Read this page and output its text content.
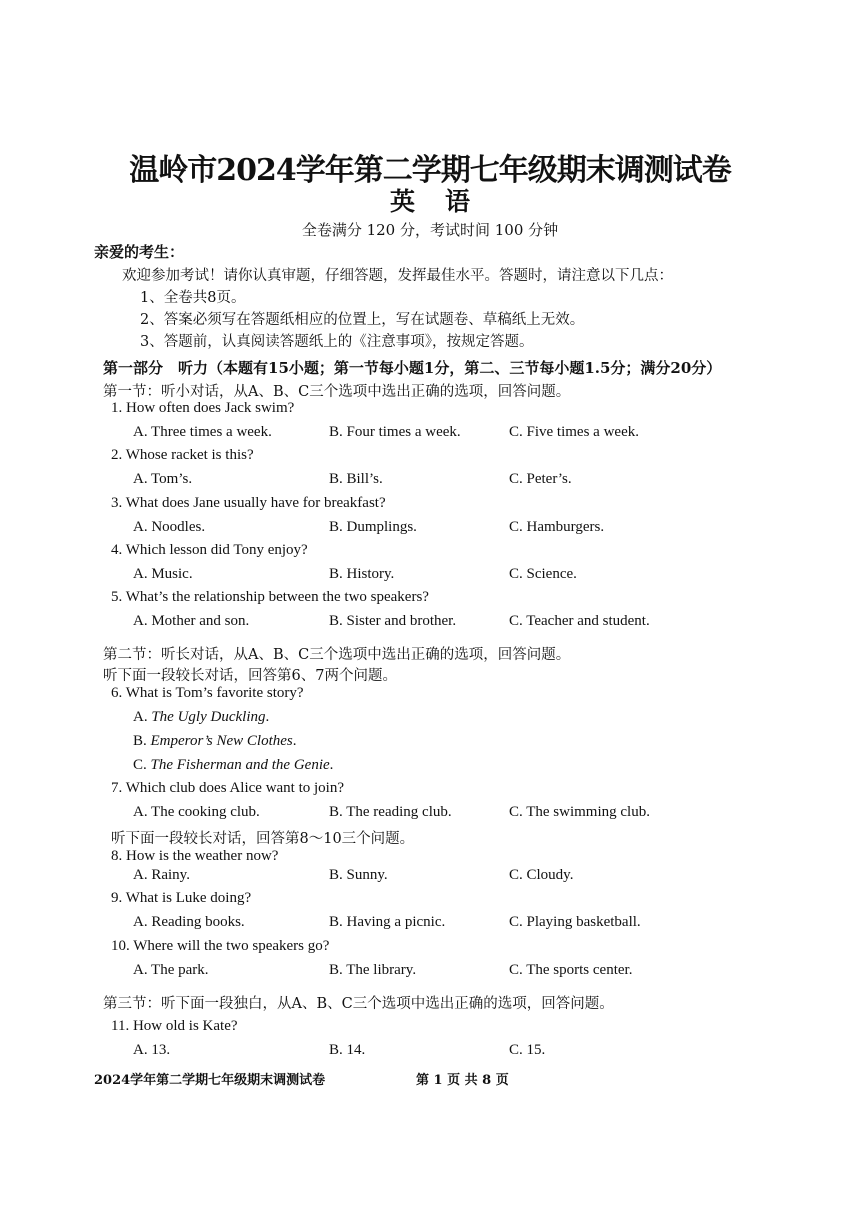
温岭市2024学年第二学期七年级期末调测试卷
英语
全卷满分 120 分，考试时间 100 分钟
亲爱的考生：
欢迎参加考试！请你认真审题，仔细答题，发挥最佳水平。答题时，请注意以下几点：
1、全卷共8页。
2、答案必须写在答题纸相应的位置上，写在试题卷、草稿纸上无效。
3、答题前，认真阅读答题纸上的《注意事项》，按规定答题。
第一部分　听力（本题有15小题；第一节每小题1分，第二、三节每小题1.5分；满分20分）
第一节：听小对话，从A、B、C三个选项中选出正确的选项，回答问题。
1. How often does Jack swim?
A. Three times a week.	B. Four times a week.	C. Five times a week.
2. Whose racket is this?
A. Tom’s.	B. Bill’s.	C. Peter’s.
3. What does Jane usually have for breakfast?
A. Noodles.	B. Dumplings.	C. Hamburgers.
4. Which lesson did Tony enjoy?
A. Music.	B. History.	C. Science.
5. What’s the relationship between the two speakers?
A. Mother and son.	B. Sister and brother.	C. Teacher and student.
第二节：听长对话，从A、B、C三个选项中选出正确的选项，回答问题。
听下面一段较长对话，回答第6、7两个问题。
6. What is Tom’s favorite story?
A. The Ugly Duckling.
B. Emperor’s New Clothes.
C. The Fisherman and the Genie.
7. Which club does Alice want to join?
A. The cooking club.	B. The reading club.	C. The swimming club.
听下面一段较长对话，回答第8～10三个问题。
8. How is the weather now?
A. Rainy.	B. Sunny.	C. Cloudy.
9. What is Luke doing?
A. Reading books.	B. Having a picnic.	C. Playing basketball.
10. Where will the two speakers go?
A. The park.	B. The library.	C. The sports center.
第三节：听下面一段独白，从A、B、C三个选项中选出正确的选项，回答问题。
11. How old is Kate?
A. 13.	B. 14.	C. 15.
2024学年第二学期七年级期末调测试卷	第 1 页 共 8 页
